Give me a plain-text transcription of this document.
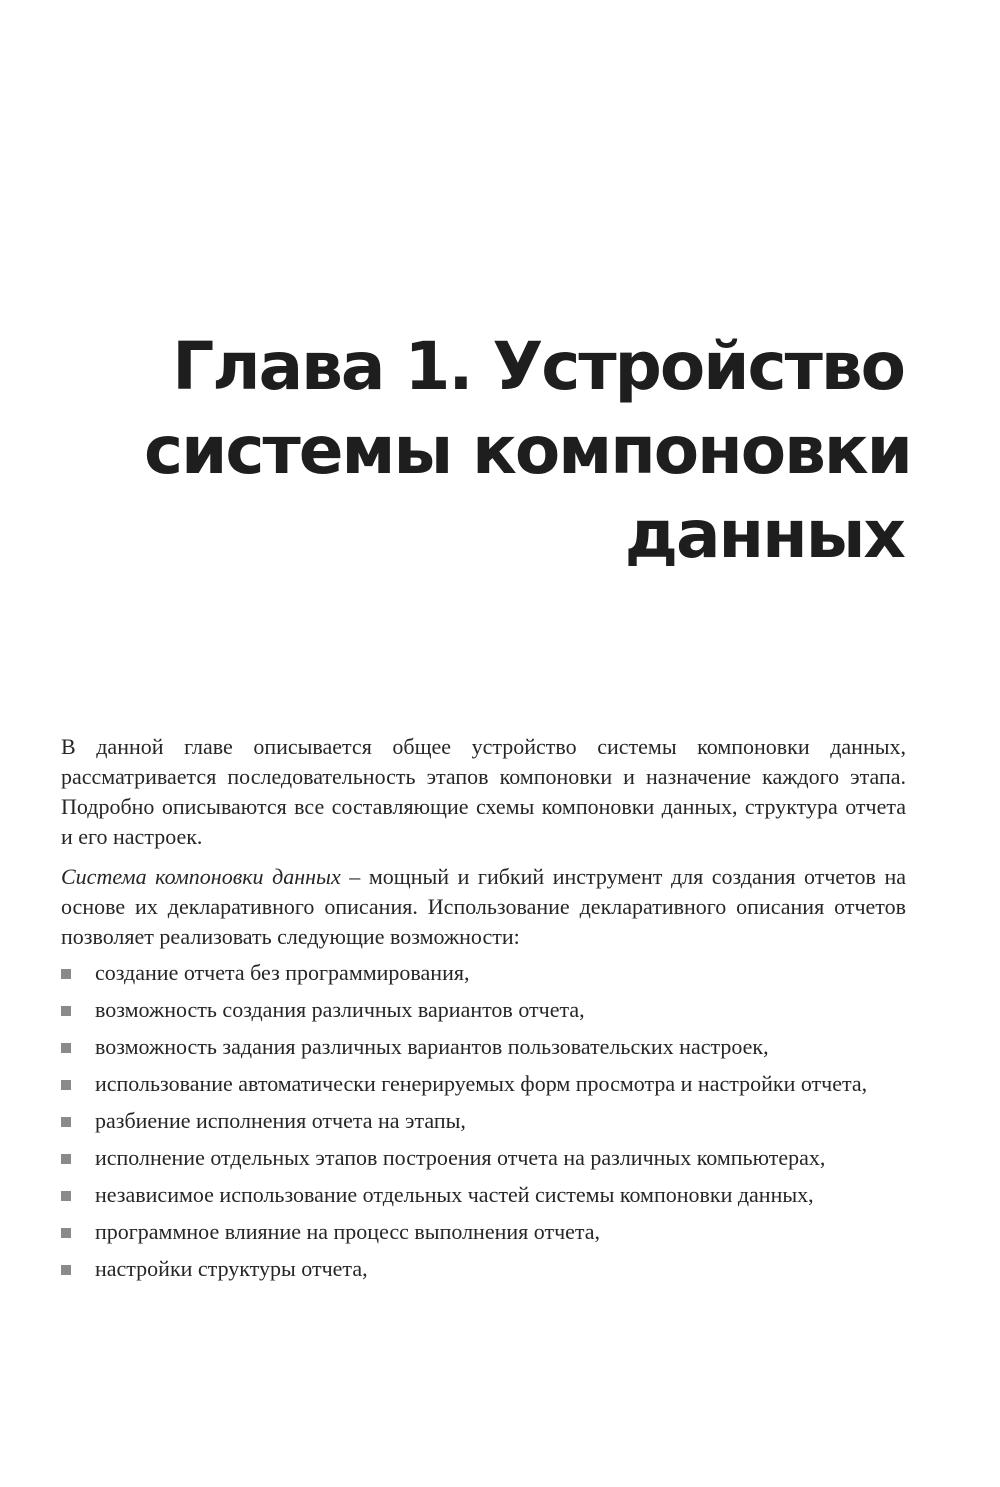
Глава 1. Устройство
системы компоновки
данных

В данной главе описывается общее устройство системы компоновки данных, рассматривается последовательность этапов компоновки и назначение каждого этапа. Подробно описываются все составляющие схемы компоновки данных, структура отчета и его настроек.

Система компоновки данных – мощный и гибкий инструмент для создания отчетов на основе их декларативного описания. Использование декларативного описания отчетов позволяет реализовать следующие возможности:

создание отчета без программирования,
возможность создания различных вариантов отчета,
возможность задания различных вариантов пользовательских настроек,
использование автоматически генерируемых форм просмотра и настройки отчета,
разбиение исполнения отчета на этапы,
исполнение отдельных этапов построения отчета на различных компьютерах,
независимое использование отдельных частей системы компоновки данных,
программное влияние на процесс выполнения отчета,
настройки структуры отчета,
